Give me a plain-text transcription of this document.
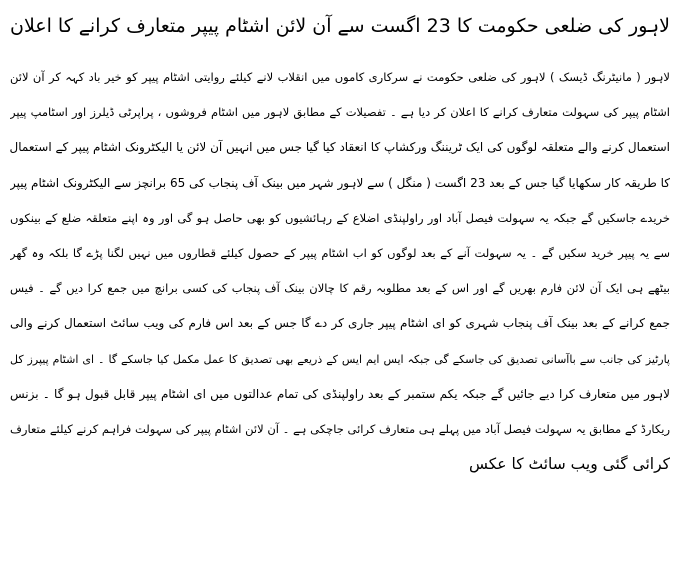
لاہور کی ضلعی حکومت کا 23 اگست سے آن لائن اشٹام پیپر متعارف کرانے کا اعلان
لاہور ( مانیٹرنگ ڈیسک ) لاہور کی ضلعی حکومت نے سرکاری کاموں میں انقلاب لانے کیلئے روایتی اشٹام پیپر کو خیر باد کہہ کر آن لائن
اشٹام پیپر کی سہولت متعارف کرانے کا اعلان کر دیا ہے ۔ تفصیلات کے مطابق لاہور میں اشٹام فروشوں ، پراپرٹی ڈیلرز اور اسٹامپ پیپر
استعمال کرنے والے متعلقہ لوگوں کی ایک ٹریننگ ورکشاپ کا انعقاد کیا گیا جس میں انہیں آن لائن یا الیکٹرونک اشٹام پیپر کے استعمال
کا طریقہ کار سکھایا گیا جس کے بعد 23 اگست ( منگل ) سے لاہور شہر میں بینک آف پنجاب کی 65 برانچز سے الیکٹرونک اشٹام پیپر
خریدے جاسکیں گے جبکہ یہ سہولت فیصل آباد اور راولپنڈی اضلاع کے رہائشیوں کو بھی حاصل ہو گی اور وہ اپنے متعلقہ ضلع کے بینکوں
سے یہ پیپر خرید سکیں گے ۔ یہ سہولت آنے کے بعد لوگوں کو اب اشٹام پیپر کے حصول کیلئے قطاروں میں نہیں لگنا پڑے گا بلکہ وہ گھر
بیٹھے ہی ایک آن لائن فارم بھریں گے اور اس کے بعد مطلوبہ رقم کا چالان بینک آف پنجاب کی کسی برانچ میں جمع کرا دیں گے ۔ فیس
جمع کرانے کے بعد بینک آف پنجاب شہری کو ای اشٹام پیپر جاری کر دے گا جس کے بعد اس فارم کی ویب سائٹ استعمال کرنے والی
پارٹیز کی جانب سے باآسانی تصدیق کی جاسکے گی جبکہ ایس ایم ایس کے ذریعے بھی تصدیق کا عمل مکمل کیا جاسکے گا ۔ ای اشٹام پیپرز کل
لاہور میں متعارف کرا دیے جائیں گے جبکہ یکم ستمبر کے بعد راولپنڈی کی تمام عدالتوں میں ای اشٹام پیپر قابل قبول ہو گا ۔ بزنس
ریکارڈ کے مطابق یہ سہولت فیصل آباد میں پہلے ہی متعارف کرائی جاچکی ہے ۔ آن لائن اشٹام پیپر کی سہولت فراہم کرنے کیلئے متعارف
کرائی گئی ویب سائٹ کا عکس
